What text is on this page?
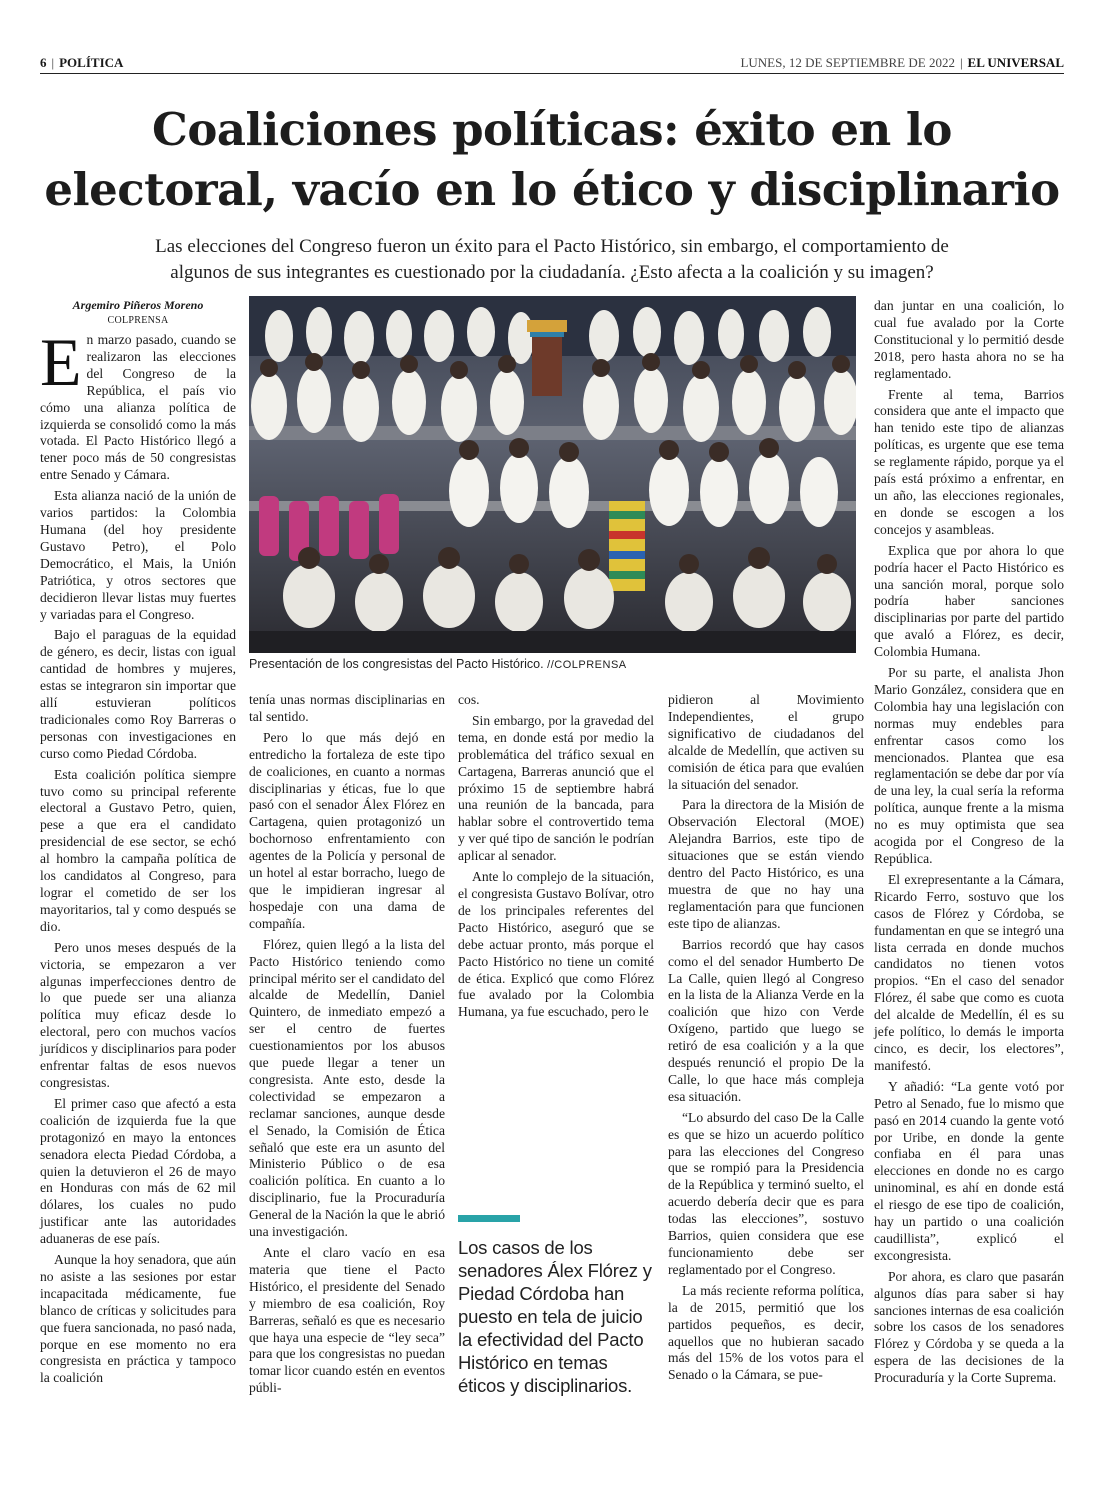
6 | POLÍTICA	LUNES, 12 DE SEPTIEMBRE DE 2022 | EL UNIVERSAL
Coaliciones políticas: éxito en lo
electoral, vacío en lo ético y disciplinario
Las elecciones del Congreso fueron un éxito para el Pacto Histórico, sin embargo, el comportamiento de
algunos de sus integrantes es cuestionado por la ciudadanía. ¿Esto afecta a la coalición y su imagen?
Argemiro Piñeros Moreno
COLPRENSA

En marzo pasado, cuando se realizaron las elecciones del Congreso de la República, el país vio cómo una alianza política de izquierda se consolidó como la más votada. El Pacto Histórico llegó a tener poco más de 50 congresistas entre Senado y Cámara.

Esta alianza nació de la unión de varios partidos: la Colombia Humana (del hoy presidente Gustavo Petro), el Polo Democrático, el Mais, la Unión Patriótica, y otros sectores que decidieron llevar listas muy fuertes y variadas para el Congreso.

Bajo el paraguas de la equidad de género, es decir, listas con igual cantidad de hombres y mujeres, estas se integraron sin importar que allí estuvieran políticos tradicionales como Roy Barreras o personas con investigaciones en curso como Piedad Córdoba.

Esta coalición política siempre tuvo como su principal referente electoral a Gustavo Petro, quien, pese a que era el candidato presidencial de ese sector, se echó al hombro la campaña política de los candidatos al Congreso, para lograr el cometido de ser los mayoritarios, tal y como después se dio.

Pero unos meses después de la victoria, se empezaron a ver algunas imperfecciones dentro de lo que puede ser una alianza política muy eficaz desde lo electoral, pero con muchos vacíos jurídicos y disciplinarios para poder enfrentar faltas de esos nuevos congresistas.

El primer caso que afectó a esta coalición de izquierda fue la que protagonizó en mayo la entonces senadora electa Piedad Córdoba, a quien la detuvieron el 26 de mayo en Honduras con más de 62 mil dólares, los cuales no pudo justificar ante las autoridades aduaneras de ese país.

Aunque la hoy senadora, que aún no asiste a las sesiones por estar incapacitada médicamente, fue blanco de críticas y solicitudes para que fuera sancionada, no pasó nada, porque en ese momento no era congresista en práctica y tampoco la coalición

Presentación de los congresistas del Pacto Histórico. //COLPRENSA

tenía unas normas disciplinarias en tal sentido.

Pero lo que más dejó en entredicho la fortaleza de este tipo de coaliciones, en cuanto a normas disciplinarias y éticas, fue lo que pasó con el senador Álex Flórez en Cartagena, quien protagonizó un bochornoso enfrentamiento con agentes de la Policía y personal de un hotel al estar borracho, luego de que le impidieran ingresar al hospedaje con una dama de compañía.

Flórez, quien llegó a la lista del Pacto Histórico teniendo como principal mérito ser el candidato del alcalde de Medellín, Daniel Quintero, de inmediato empezó a ser el centro de fuertes cuestionamientos por los abusos que puede llegar a tener un congresista. Ante esto, desde la colectividad se empezaron a reclamar sanciones, aunque desde el Senado, la Comisión de Ética señaló que este era un asunto del Ministerio Público o de esa coalición política. En cuanto a lo disciplinario, fue la Procuraduría General de la Nación la que le abrió una investigación.

Ante el claro vacío en esa materia que tiene el Pacto Histórico, el presidente del Senado y miembro de esa coalición, Roy Barreras, señaló es que es necesario que haya una especie de “ley seca” para que los congresistas no puedan tomar licor cuando estén en eventos públi-

cos.

Sin embargo, por la gravedad del tema, en donde está por medio la problemática del tráfico sexual en Cartagena, Barreras anunció que el próximo 15 de septiembre habrá una reunión de la bancada, para hablar sobre el controvertido tema y ver qué tipo de sanción le podrían aplicar al senador.

Ante lo complejo de la situación, el congresista Gustavo Bolívar, otro de los principales referentes del Pacto Histórico, aseguró que se debe actuar pronto, más porque el Pacto Histórico no tiene un comité de ética. Explicó que como Flórez fue avalado por la Colombia Humana, ya fue escuchado, pero le

Los casos de los senadores Álex Flórez y Piedad Córdoba han puesto en tela de juicio la efectividad del Pacto Histórico en temas éticos y disciplinarios.

pidieron al Movimiento Independientes, el grupo significativo de ciudadanos del alcalde de Medellín, que activen su comisión de ética para que evalúen la situación del senador.

Para la directora de la Misión de Observación Electoral (MOE) Alejandra Barrios, este tipo de situaciones que se están viendo dentro del Pacto Histórico, es una muestra de que no hay una reglamentación para que funcionen este tipo de alianzas.

Barrios recordó que hay casos como el del senador Humberto De La Calle, quien llegó al Congreso en la lista de la Alianza Verde en la coalición que hizo con Verde Oxígeno, partido que luego se retiró de esa coalición y a la que después renunció el propio De la Calle, lo que hace más compleja esa situación.

“Lo absurdo del caso De la Calle es que se hizo un acuerdo político para las elecciones del Congreso que se rompió para la Presidencia de la República y terminó suelto, el acuerdo debería decir que es para todas las elecciones”, sostuvo Barrios, quien considera que ese funcionamiento debe ser reglamentado por el Congreso.

La más reciente reforma política, la de 2015, permitió que los partidos pequeños, es decir, aquellos que no hubieran sacado más del 15% de los votos para el Senado o la Cámara, se pue-

dan juntar en una coalición, lo cual fue avalado por la Corte Constitucional y lo permitió desde 2018, pero hasta ahora no se ha reglamentado.

Frente al tema, Barrios considera que ante el impacto que han tenido este tipo de alianzas políticas, es urgente que ese tema se reglamente rápido, porque ya el país está próximo a enfrentar, en un año, las elecciones regionales, en donde se escogen a los concejos y asambleas.

Explica que por ahora lo que podría hacer el Pacto Histórico es una sanción moral, porque solo podría haber sanciones disciplinarias por parte del partido que avaló a Flórez, es decir, Colombia Humana.

Por su parte, el analista Jhon Mario González, considera que en Colombia hay una legislación con normas muy endebles para enfrentar casos como los mencionados. Plantea que esa reglamentación se debe dar por vía de una ley, la cual sería la reforma política, aunque frente a la misma no es muy optimista que sea acogida por el Congreso de la República.

El exrepresentante a la Cámara, Ricardo Ferro, sostuvo que los casos de Flórez y Córdoba, se fundamentan en que se integró una lista cerrada en donde muchos candidatos no tienen votos propios. “En el caso del senador Flórez, él sabe que como es cuota del alcalde de Medellín, él es su jefe político, lo demás le importa cinco, es decir, los electores”, manifestó.

Y añadió: “La gente votó por Petro al Senado, fue lo mismo que pasó en 2014 cuando la gente votó por Uribe, en donde la gente confiaba en él para unas elecciones en donde no es cargo uninominal, es ahí en donde está el riesgo de ese tipo de coalición, hay un partido o una coalición caudillista”, explicó el excongresista.

Por ahora, es claro que pasarán algunos días para saber si hay sanciones internas de esa coalición sobre los casos de los senadores Flórez y Córdoba y se queda a la espera de las decisiones de la Procuraduría y la Corte Suprema.
